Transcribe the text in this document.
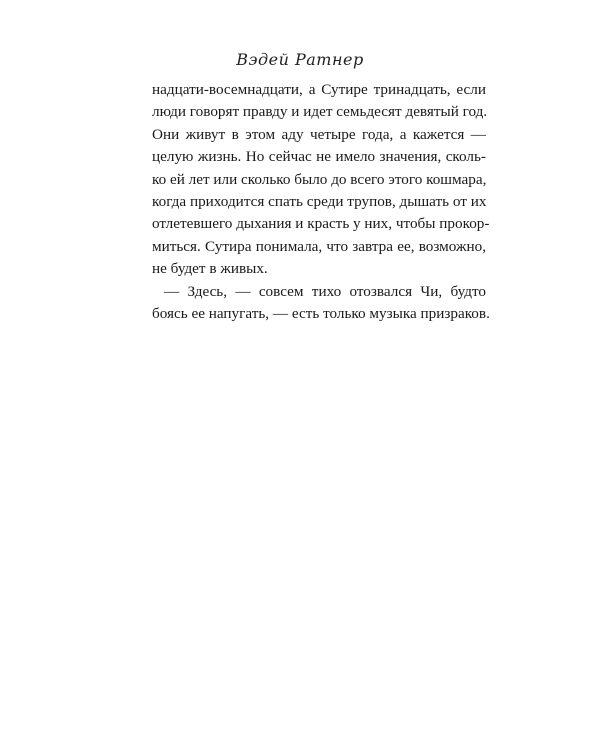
Вэдей Ратнер
надцати-восемнадцати, а Сутире тринадцать, если
люди говорят правду и идет семьдесят девятый год.
Они живут в этом аду четыре года, а кажется —
целую жизнь. Но сейчас не имело значения, сколь-
ко ей лет или сколько было до всего этого кошмара,
когда приходится спать среди трупов, дышать от их
отлетевшего дыхания и красть у них, чтобы прокор-
миться. Сутира понимала, что завтра ее, возможно,
не будет в живых.
— Здесь, — совсем тихо отозвался Чи, будто
боясь ее напугать, — есть только музыка призраков.
